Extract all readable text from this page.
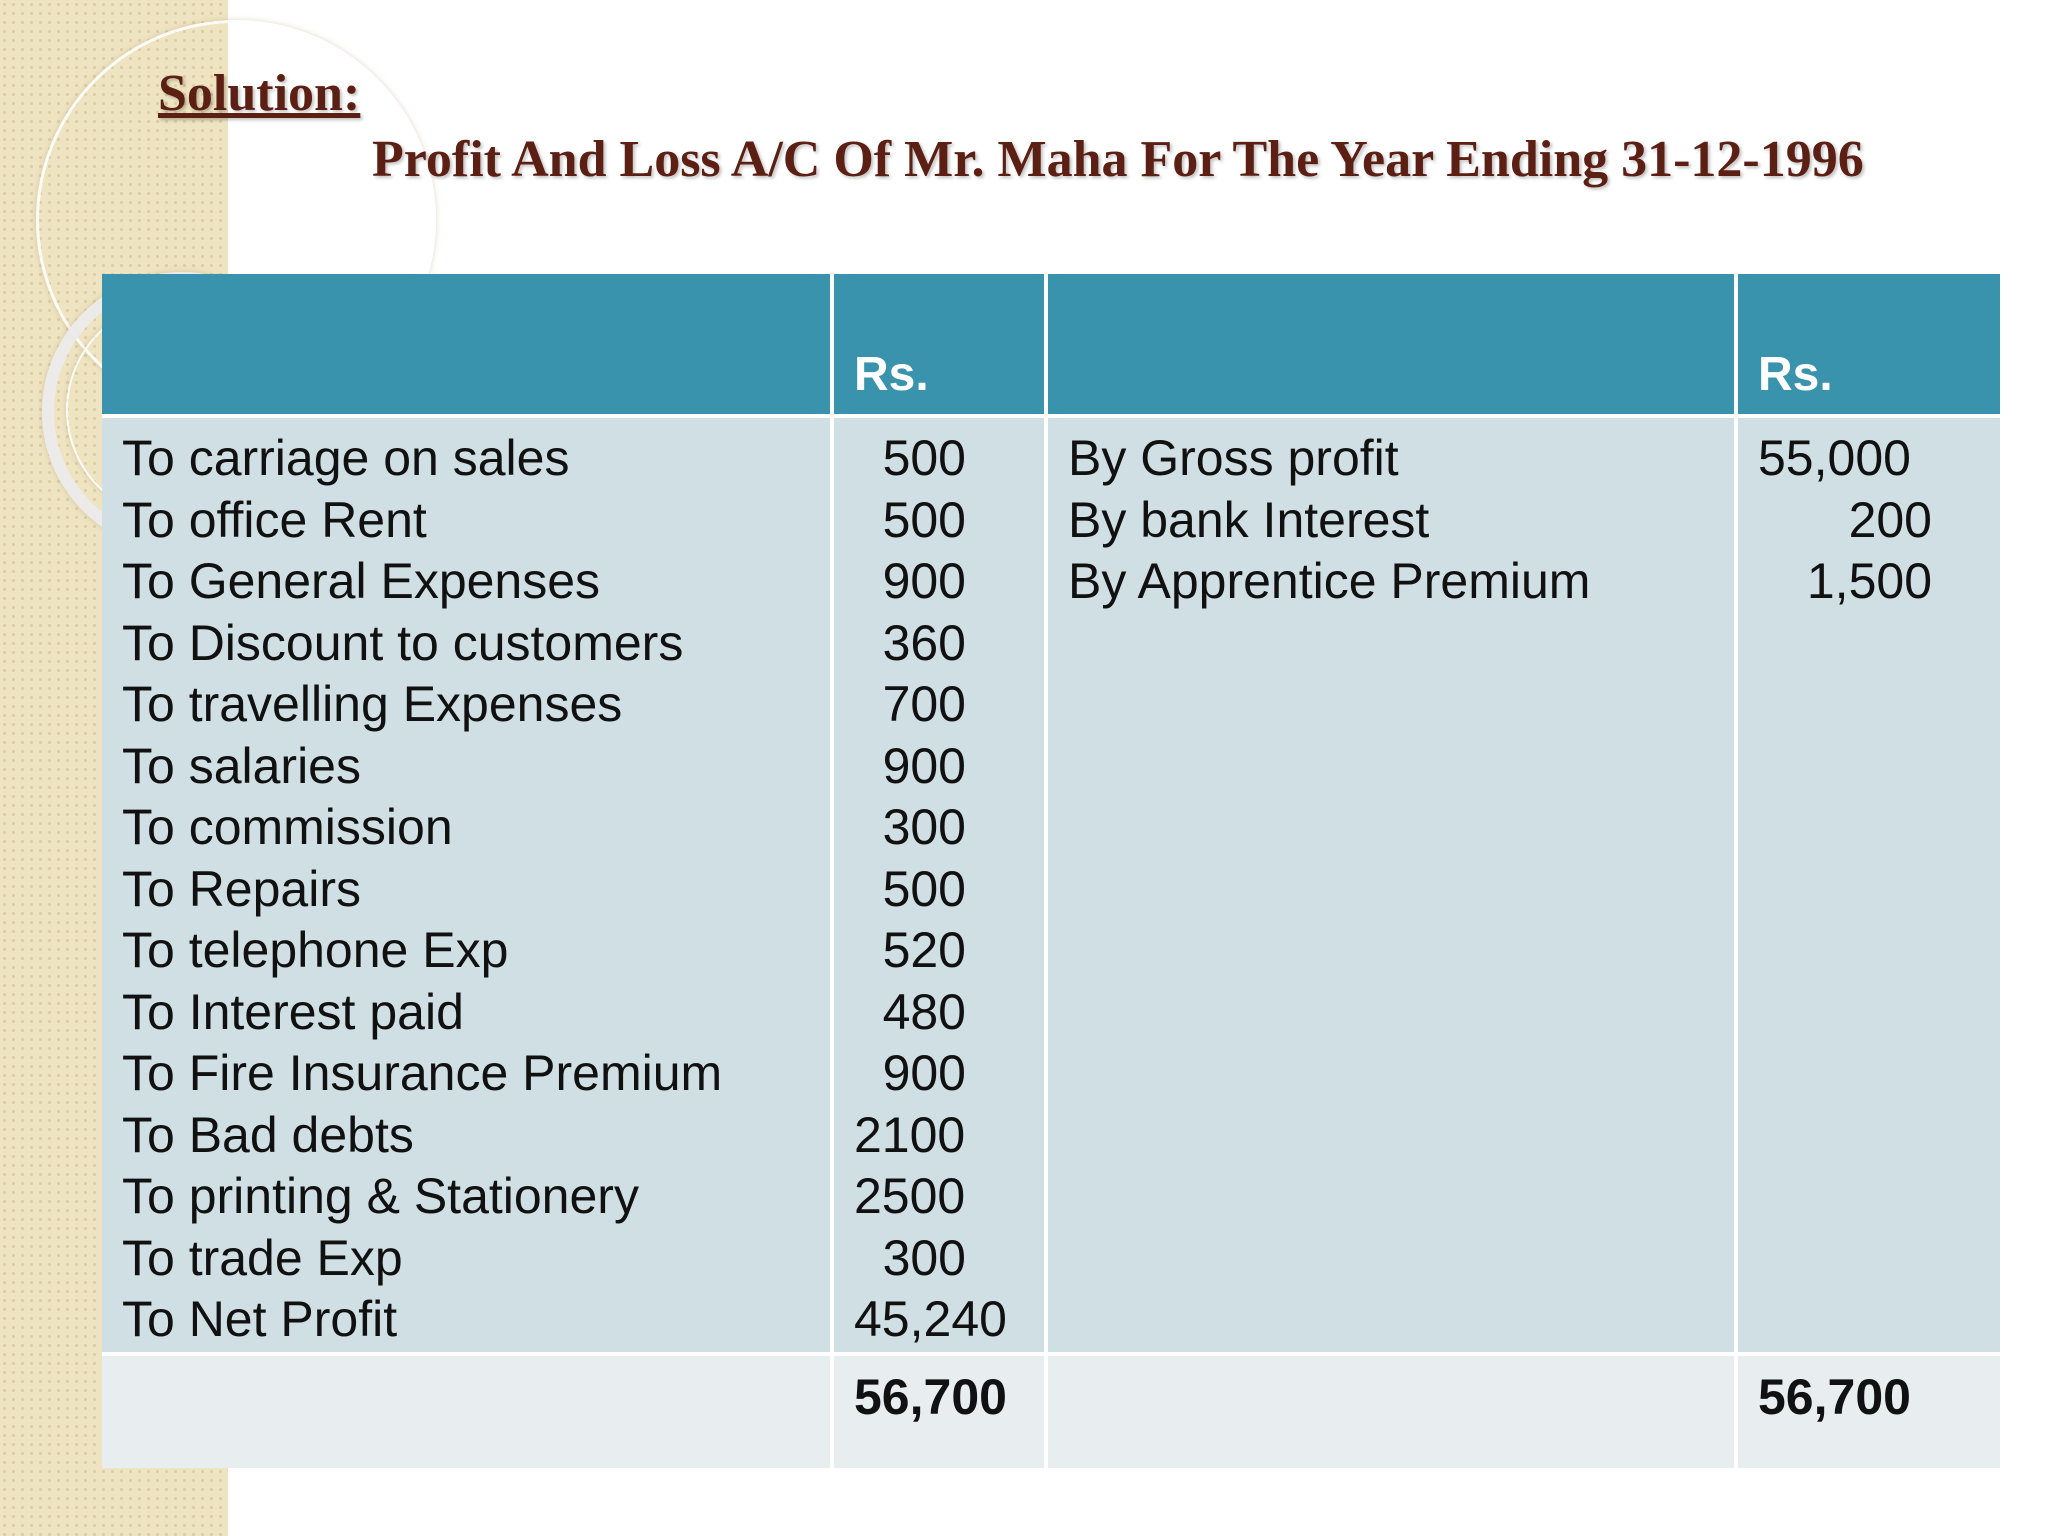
Solution:
Profit And Loss A/C Of Mr. Maha For The Year Ending 31-12-1996
Rs.	Rs.
To carriage on sales
To office Rent
To General Expenses
To Discount to customers
To travelling Expenses
To salaries
To commission
To Repairs
To telephone Exp
To Interest paid
To Fire Insurance Premium
To Bad debts
To printing & Stationery
To trade Exp
To Net Profit
500
500
900
360
700
900
300
500
520
480
900
2100
2500
300
45,240
By Gross profit
By bank Interest
By Apprentice Premium
55,000
200
1,500
56,700	56,700
